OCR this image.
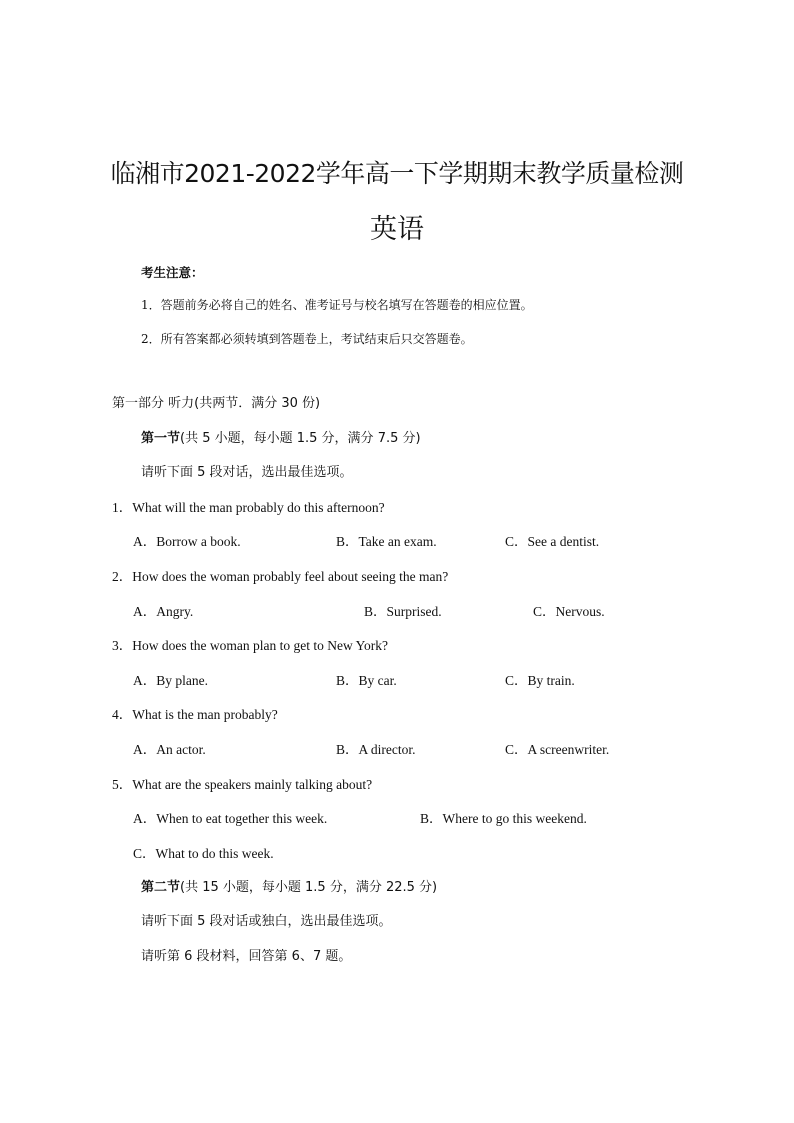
临湘市2021-2022学年高一下学期期末教学质量检测
英语
考生注意：
1．答题前务必将自己的姓名、准考证号与校名填写在答题卷的相应位置。
2．所有答案都必须转填到答题卷上，考试结束后只交答题卷。
第一部分 听力(共两节．满分 30 份)
第一节(共 5 小题，每小题 1.5 分，满分 7.5 分)
请听下面 5 段对话，选出最佳选项。
1．What will the man probably do this afternoon?
A．Borrow a book.	B．Take an exam.	C．See a dentist.
2．How does the woman probably feel about seeing the man?
A．Angry.	B．Surprised.	C．Nervous.
3．How does the woman plan to get to New York?
A．By plane.	B．By car.	C．By train.
4．What is the man probably?
A．An actor.	B．A director.	C．A screenwriter.
5．What are the speakers mainly talking about?
A．When to eat together this week.	B．Where to go this weekend.
C．What to do this week.
第二节(共 15 小题，每小题 1.5 分，满分 22.5 分)
请听下面 5 段对话或独白，选出最佳选项。
请听第 6 段材料，回答第 6、7 题。
